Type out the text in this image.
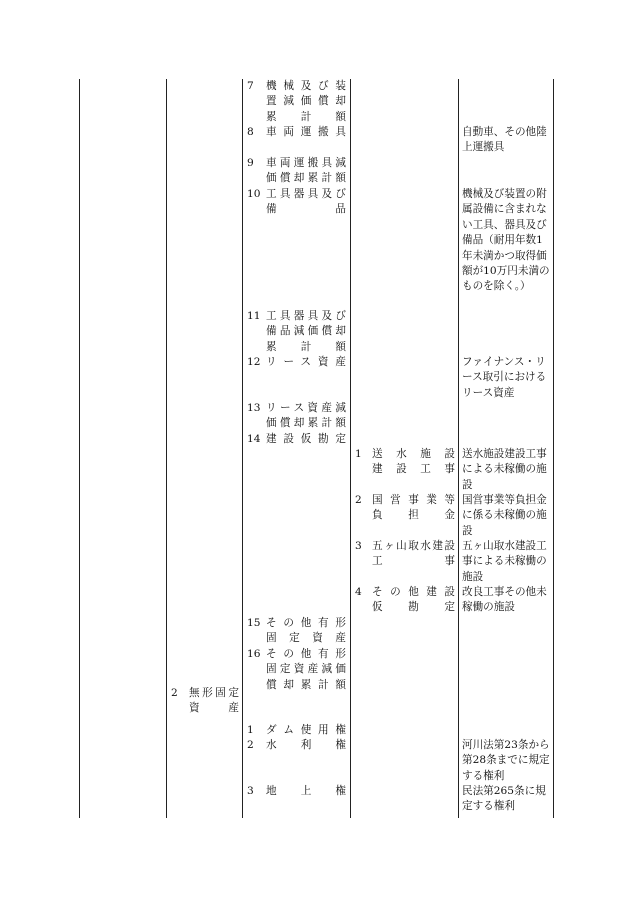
2 無形固定
資　　産
7 機械及び装
置減価償却
累　計　額
8 車両運搬具
9 車両運搬具減
価償却累計額
10 工具器具及び
備　　　　品
11 工具器具及び
備品減価償却
累　計　額
12 リース資産
13 リース資産減
価償却累計額
14 建設仮勘定
15 その他有形
固定資産
16 その他有形
固定資産減価
償却累計額
1 ダム使用権
2 水　　利　　権
3 地　　上　　権
1 送　水　施　設
建　設　工　事
2 国営事業等
負　担　金
3 五ヶ山取水建設
工　　　　　事
4 その他建設
仮　勘　定
自動車、その他陸上運搬具
機械及び装置の附属設備に含まれない工具、器具及び備品（耐用年数1年未満かつ取得価額が10万円未満のものを除く。）
ファイナンス・リース取引におけるリース資産
送水施設建設工事による未稼働の施設
国営事業等負担金に係る未稼働の施設
五ヶ山取水建設工事による未稼働の施設
改良工事その他未稼働の施設
河川法第23条から第28条までに規定する権利
民法第265条に規定する権利
